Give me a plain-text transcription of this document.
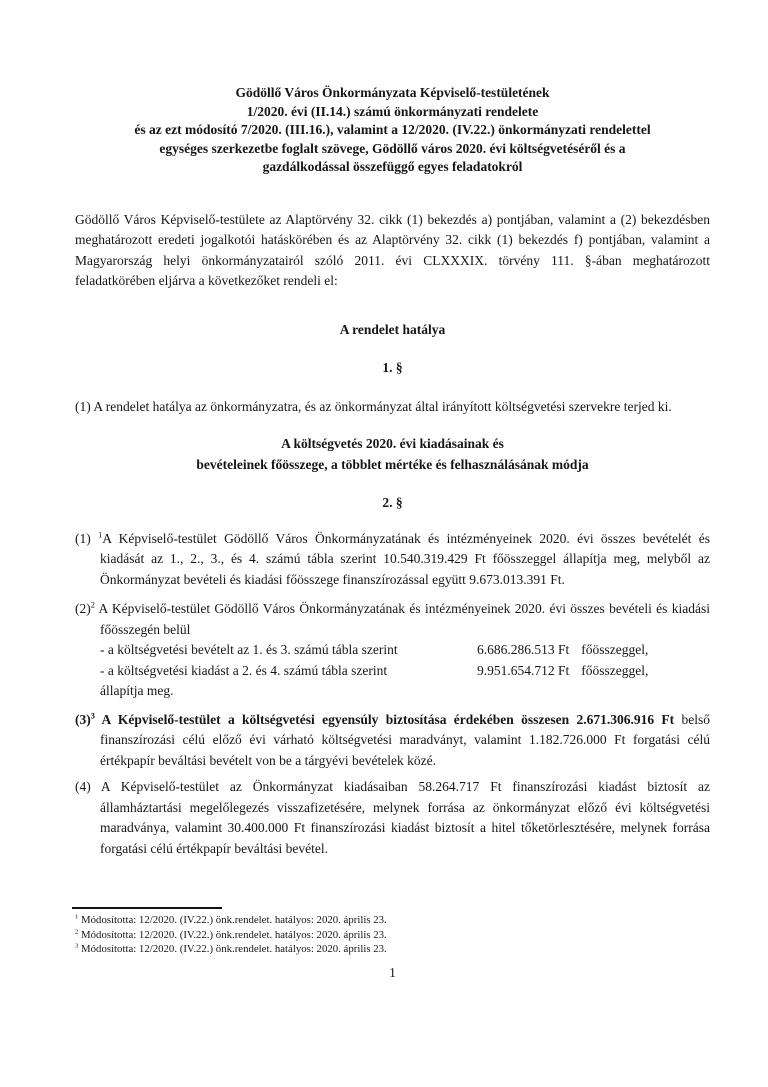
Gödöllő Város Önkormányzata Képviselő-testületének
1/2020. évi (II.14.) számú önkormányzati rendelete
és az ezt módosító 7/2020. (III.16.), valamint a 12/2020. (IV.22.) önkormányzati rendelettel
egységes szerkezetbe foglalt szövege, Gödöllő város 2020. évi költségvetéséről és a
gazdálkodással összefüggő egyes feladatokról
Gödöllő Város Képviselő-testülete az Alaptörvény 32. cikk (1) bekezdés a) pontjában, valamint a (2) bekezdésben meghatározott eredeti jogalkotói hatáskörében és az Alaptörvény 32. cikk (1) bekezdés f) pontjában, valamint a Magyarország helyi önkormányzatairól szóló 2011. évi CLXXXIX. törvény 111. §-ában meghatározott feladatkörében eljárva a következőket rendeli el:
A rendelet hatálya
1. §
(1) A rendelet hatálya az önkormányzatra, és az önkormányzat által irányított költségvetési szervekre terjed ki.
A költségvetés 2020. évi kiadásainak és
bevételeinek főösszege, a többlet mértéke és felhasználásának módja
2. §
(1) $^1$A Képviselő-testület Gödöllő Város Önkormányzatának és intézményeinek 2020. évi összes bevételét és kiadását az 1., 2., 3., és 4. számú tábla szerint 10.540.319.429 Ft főösszeggel állapítja meg, melyből az Önkormányzat bevételi és kiadási főösszege finanszírozással együtt 9.673.013.391 Ft.
$(2)^2$ A Képviselő-testület Gödöllő Város Önkormányzatának és intézményeinek 2020. évi összes bevételi és kiadási főösszegén belül
- a költségvetési bevételt az 1. és 3. számú tábla szerint	6.686.286.513 Ft főösszeggel,
- a költségvetési kiadást a 2. és 4. számú tábla szerint	9.951.654.712 Ft főösszeggel,
állapítja meg.
$(3)^3$ A Képviselő-testület a költségvetési egyensúly biztosítása érdekében összesen 2.671.306.916 Ft belső finanszírozási célú előző évi várható költségvetési maradványt, valamint 1.182.726.000 Ft forgatási célú értékpapír beváltási bevételt von be a tárgyévi bevételek közé.
(4) A Képviselő-testület az Önkormányzat kiadásaiban 58.264.717 Ft finanszírozási kiadást biztosít az államháztartási megelőlegezés visszafizetésére, melynek forrása az önkormányzat előző évi költségvetési maradványa, valamint 30.400.000 Ft finanszírozási kiadást biztosít a hitel tőketörlesztésére, melynek forrása forgatási célú értékpapír beváltási bevétel.
$^1$ Módosította: 12/2020. (IV.22.) önk.rendelet. hatályos: 2020. április 23.
$^2$ Módosította: 12/2020. (IV.22.) önk.rendelet. hatályos: 2020. április 23.
$^3$ Módosította: 12/2020. (IV.22.) önk.rendelet. hatályos: 2020. április 23.
1
